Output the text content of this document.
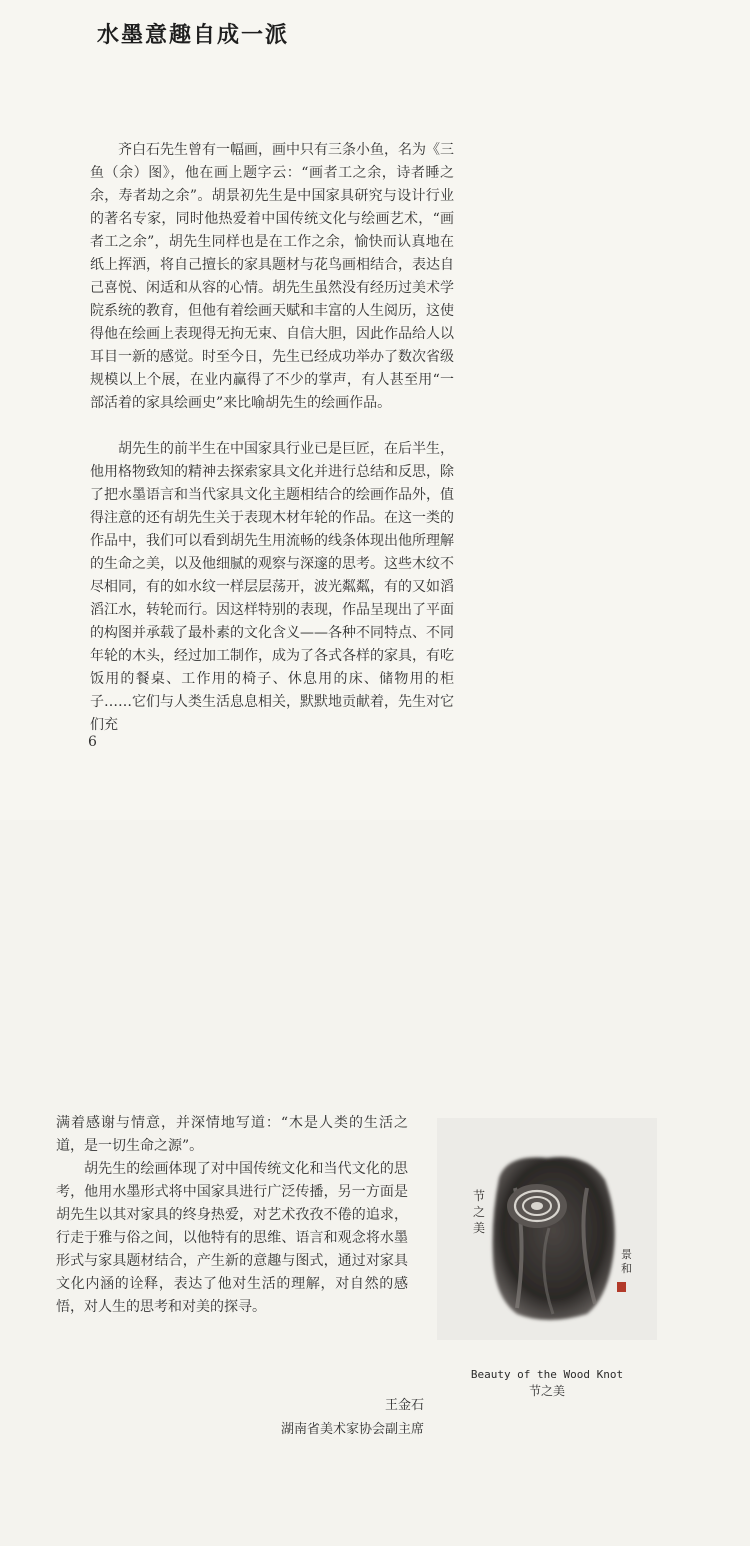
水墨意趣自成一派

齐白石先生曾有一幅画，画中只有三条小鱼，名为《三鱼（余）图》，他在画上题字云：“画者工之余，诗者睡之余，寿者劫之余”。胡景初先生是中国家具研究与设计行业的著名专家，同时他热爱着中国传统文化与绘画艺术，“画者工之余”，胡先生同样也是在工作之余，愉快而认真地在纸上挥洒，将自己擅长的家具题材与花鸟画相结合，表达自己喜悦、闲适和从容的心情。胡先生虽然没有经历过美术学院系统的教育，但他有着绘画天赋和丰富的人生阅历，这使得他在绘画上表现得无拘无束、自信大胆，因此作品给人以耳目一新的感觉。时至今日，先生已经成功举办了数次省级规模以上个展，在业内赢得了不少的掌声，有人甚至用“一部活着的家具绘画史”来比喻胡先生的绘画作品。

胡先生的前半生在中国家具行业已是巨匠，在后半生，他用格物致知的精神去探索家具文化并进行总结和反思，除了把水墨语言和当代家具文化主题相结合的绘画作品外，值得注意的还有胡先生关于表现木材年轮的作品。在这一类的作品中，我们可以看到胡先生用流畅的线条体现出他所理解的生命之美，以及他细腻的观察与深邃的思考。这些木纹不尽相同，有的如水纹一样层层荡开，波光粼粼，有的又如滔滔江水，转轮而行。因这样特别的表现，作品呈现出了平面的构图并承载了最朴素的文化含义——各种不同特点、不同年轮的木头，经过加工制作，成为了各式各样的家具，有吃饭用的餐桌、工作用的椅子、休息用的床、储物用的柜子……它们与人类生活息息相关，默默地贡献着，先生对它们充

6

满着感谢与情意，并深情地写道：“木是人类的生活之道，是一切生命之源”。

胡先生的绘画体现了对中国传统文化和当代文化的思考，他用水墨形式将中国家具进行广泛传播，另一方面是胡先生以其对家具的终身热爱，对艺术孜孜不倦的追求，行走于雅与俗之间，以他特有的思维、语言和观念将水墨形式与家具题材结合，产生新的意趣与图式，通过对家具文化内涵的诠释，表达了他对生活的理解，对自然的感悟，对人生的思考和对美的探寻。

节之美
景和
Beauty of the Wood Knot
节之美
王金石
湖南省美术家协会副主席
